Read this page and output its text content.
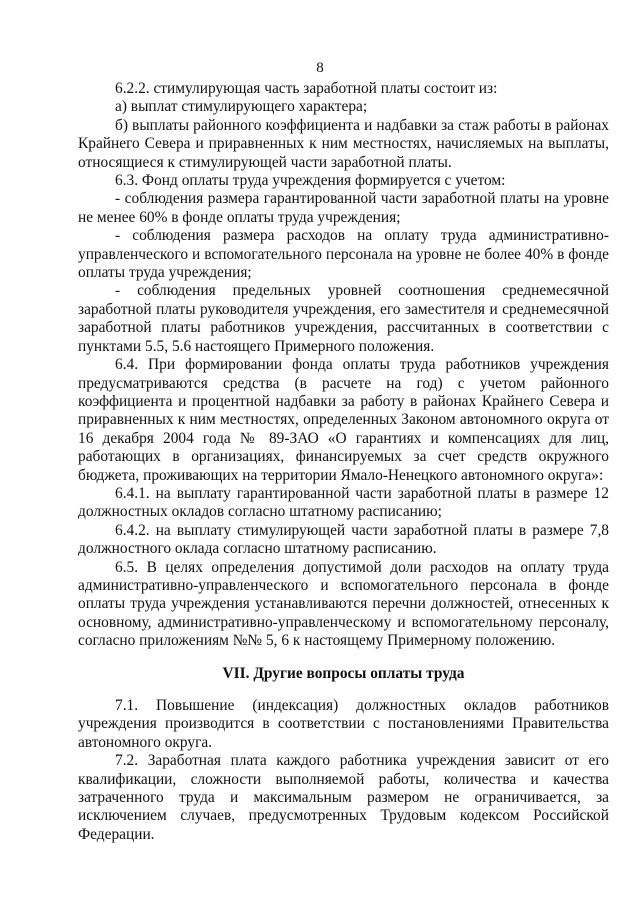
8

6.2.2. стимулирующая часть заработной платы состоит из:

а) выплат стимулирующего характера;

б) выплаты районного коэффициента и надбавки за стаж работы в районах Крайнего Севера и приравненных к ним местностях, начисляемых на выплаты, относящиеся к стимулирующей части заработной платы.

6.3. Фонд оплаты труда учреждения формируется с учетом:

- соблюдения размера гарантированной части заработной платы на уровне не менее 60% в фонде оплаты труда учреждения;

- соблюдения размера расходов на оплату труда административно-управленческого и вспомогательного персонала на уровне не более 40% в фонде оплаты труда учреждения;

- соблюдения предельных уровней соотношения среднемесячной заработной платы руководителя учреждения, его заместителя и среднемесячной заработной платы работников учреждения, рассчитанных в соответствии с пунктами 5.5, 5.6 настоящего Примерного положения.

6.4. При формировании фонда оплаты труда работников учреждения предусматриваются средства (в расчете на год) с учетом районного коэффициента и процентной надбавки за работу в районах Крайнего Севера и приравненных к ним местностях, определенных Законом автономного округа от 16 декабря 2004 года № 89-ЗАО «О гарантиях и компенсациях для лиц, работающих в организациях, финансируемых за счет средств окружного бюджета, проживающих на территории Ямало-Ненецкого автономного округа»:

6.4.1. на выплату гарантированной части заработной платы в размере 12 должностных окладов согласно штатному расписанию;

6.4.2. на выплату стимулирующей части заработной платы в размере 7,8 должностного оклада согласно штатному расписанию.

6.5. В целях определения допустимой доли расходов на оплату труда административно-управленческого и вспомогательного персонала в фонде оплаты труда учреждения устанавливаются перечни должностей, отнесенных к основному, административно-управленческому и вспомогательному персоналу, согласно приложениям №№ 5, 6 к настоящему Примерному положению.

VII. Другие вопросы оплаты труда

7.1. Повышение (индексация) должностных окладов работников учреждения производится в соответствии с постановлениями Правительства автономного округа.

7.2. Заработная плата каждого работника учреждения зависит от его квалификации, сложности выполняемой работы, количества и качества затраченного труда и максимальным размером не ограничивается, за исключением случаев, предусмотренных Трудовым кодексом Российской Федерации.
